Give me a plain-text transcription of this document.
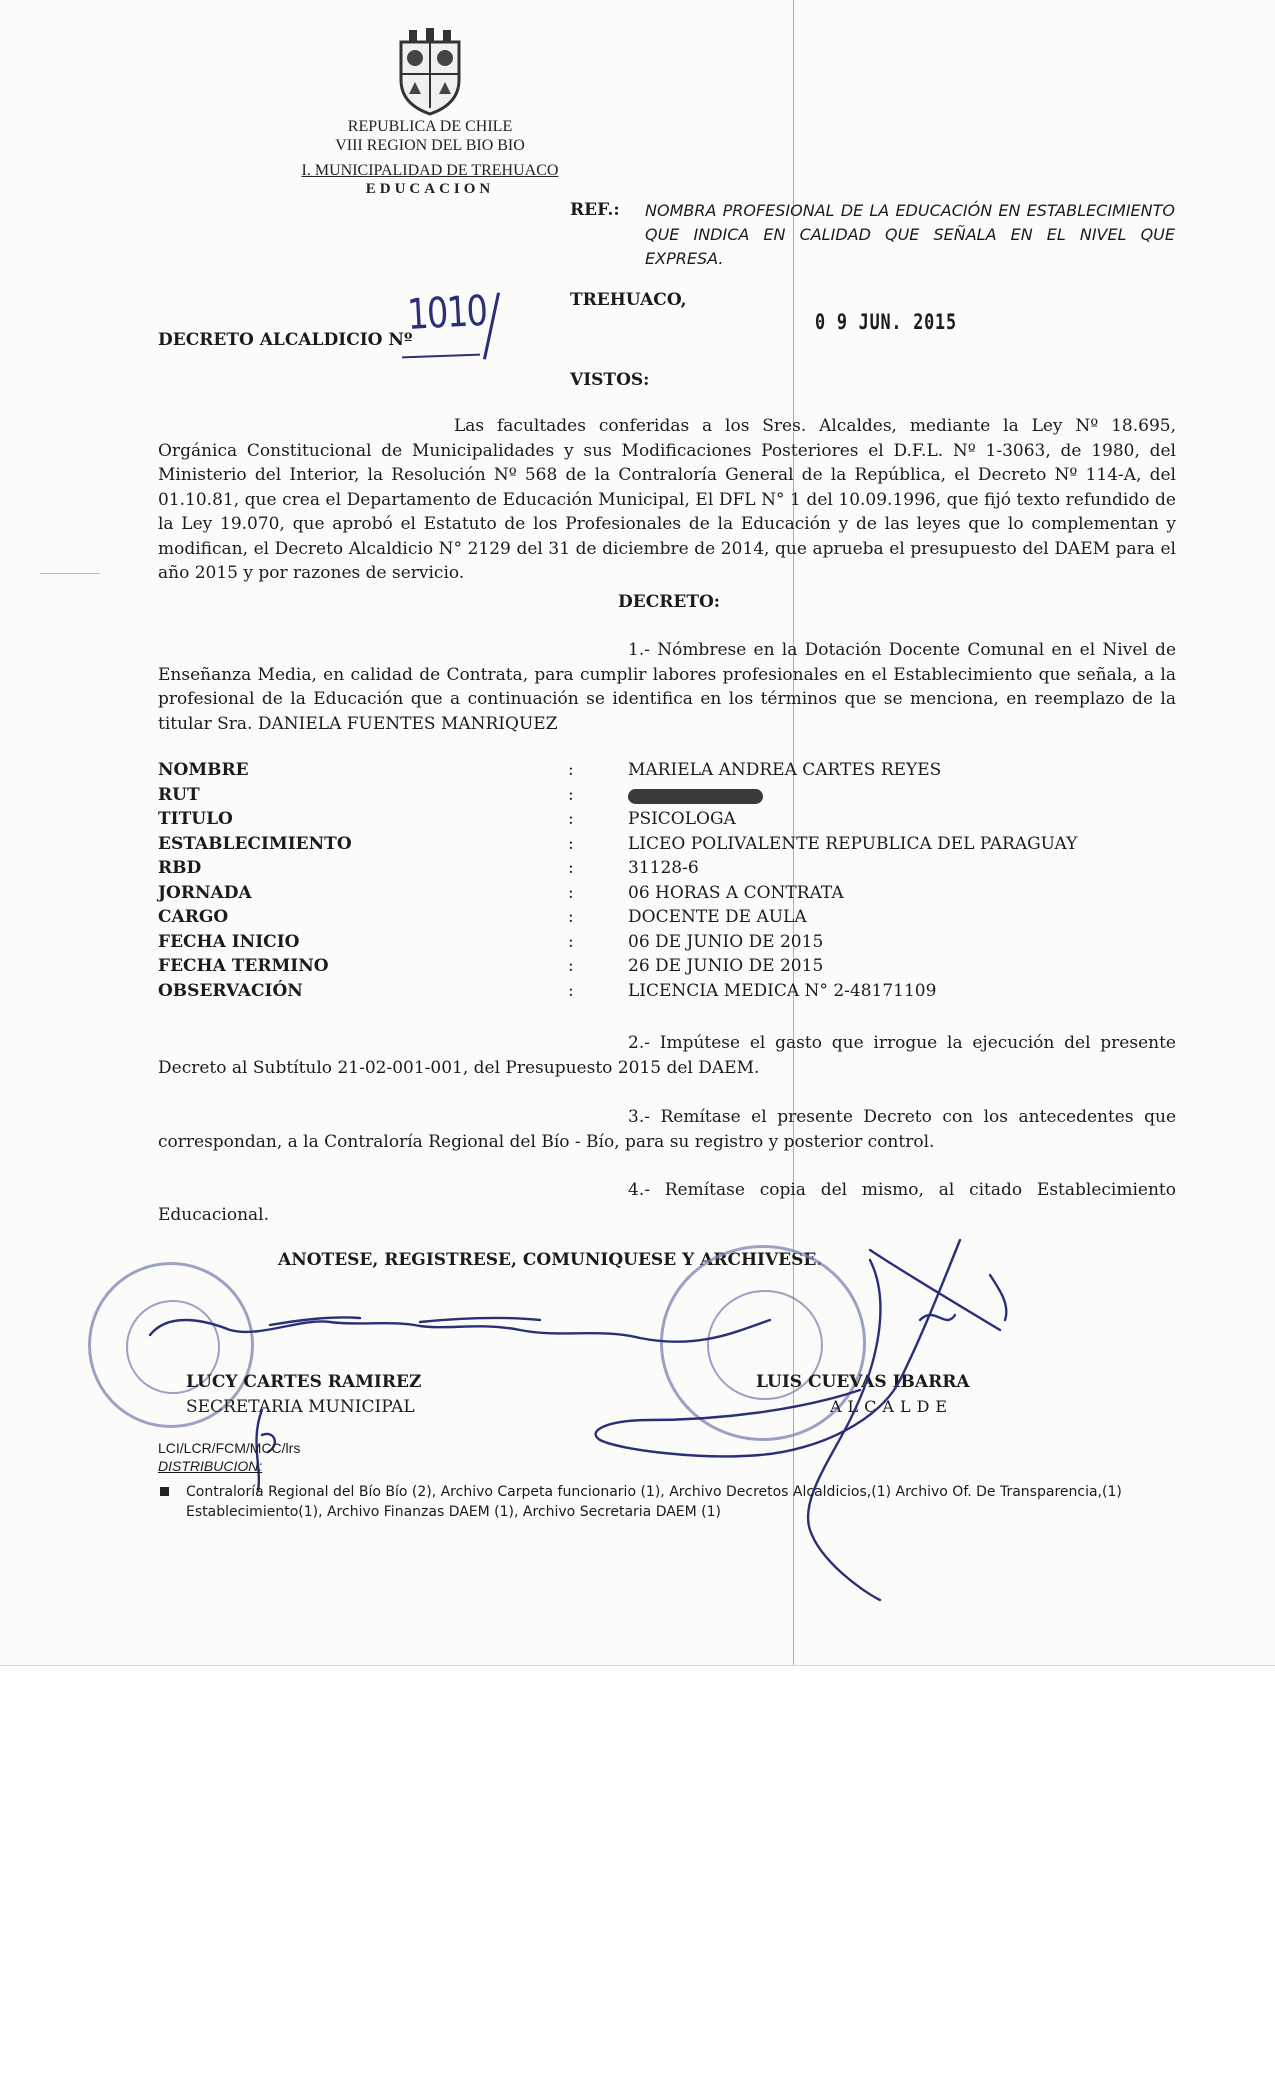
REPUBLICA DE CHILE
VIII REGION DEL BIO BIO
I. MUNICIPALIDAD DE TREHUACO
EDUCACION
REF.: NOMBRA PROFESIONAL DE LA EDUCACIÓN EN ESTABLECIMIENTO QUE INDICA EN CALIDAD QUE SEÑALA EN EL NIVEL QUE EXPRESA.
TREHUACO,
0 9 JUN. 2015
DECRETO ALCALDICIO Nº
1010
VISTOS:

Las facultades conferidas a los Sres. Alcaldes, mediante la Ley Nº 18.695, Orgánica Constitucional de Municipalidades y sus Modificaciones Posteriores el D.F.L. Nº 1-3063, de 1980, del Ministerio del Interior, la Resolución Nº 568 de la Contraloría General de la República, el Decreto Nº 114-A, del 01.10.81, que crea el Departamento de Educación Municipal, El DFL N° 1 del 10.09.1996, que fijó texto refundido de la Ley 19.070, que aprobó el Estatuto de los Profesionales de la Educación y de las leyes que lo complementan y modifican, el Decreto Alcaldicio N° 2129 del 31 de diciembre de 2014, que aprueba el presupuesto del DAEM para el año 2015 y por razones de servicio.

DECRETO:

1.- Nómbrese en la Dotación Docente Comunal en el Nivel de Enseñanza Media, en calidad de Contrata, para cumplir labores profesionales en el Establecimiento que señala, a la profesional de la Educación que a continuación se identifica en los términos que se menciona, en reemplazo de la titular Sra. DANIELA FUENTES MANRIQUEZ

NOMBRE	:	MARIELA ANDREA CARTES REYES
RUT	:	
TITULO	:	PSICOLOGA
ESTABLECIMIENTO	:	LICEO POLIVALENTE REPUBLICA DEL PARAGUAY
RBD	:	31128-6
JORNADA	:	06 HORAS A CONTRATA
CARGO	:	DOCENTE DE AULA
FECHA INICIO	:	06 DE JUNIO DE 2015
FECHA TERMINO	:	26 DE JUNIO DE 2015
OBSERVACIÓN	:	LICENCIA MEDICA N° 2-48171109

2.- Impútese el gasto que irrogue la ejecución del presente Decreto al Subtítulo 21-02-001-001, del Presupuesto 2015 del DAEM.

3.- Remítase el presente Decreto con los antecedentes que correspondan, a la Contraloría Regional del Bío - Bío, para su registro y posterior control.

4.- Remítase copia del mismo, al citado Establecimiento Educacional.

ANOTESE, REGISTRESE, COMUNIQUESE Y ARCHIVESE.
LUCY CARTES RAMIREZ
SECRETARIA MUNICIPAL
LUIS CUEVAS IBARRA
ALCALDE
LCI/LCR/FCM/MCC/lrs
DISTRIBUCION:
Contraloría Regional del Bío Bío (2), Archivo Carpeta funcionario (1), Archivo Decretos Alcaldicios,(1) Archivo Of. De Transparencia,(1) Establecimiento(1), Archivo Finanzas DAEM (1), Archivo Secretaria DAEM (1)
